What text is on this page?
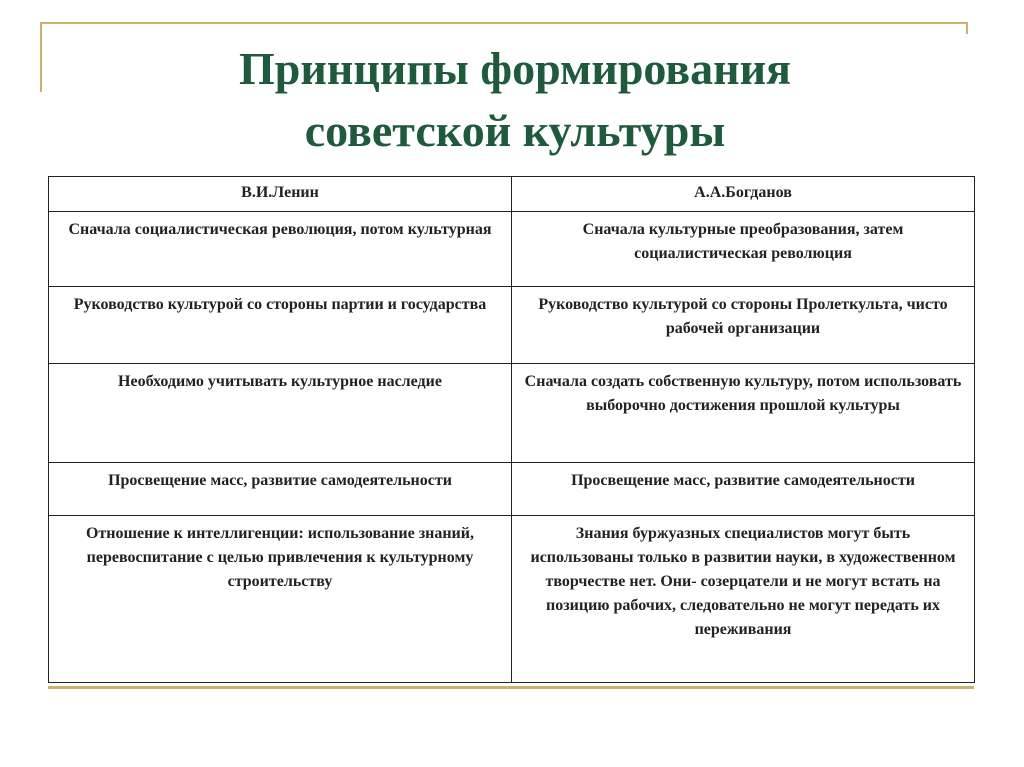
Принципы формирования
советской культуры
В.И.Ленин	А.А.Богданов
Сначала социалистическая революция, потом культурная	Сначала культурные преобразования, затем социалистическая революция
Руководство культурой со стороны партии и государства	Руководство культурой со стороны Пролеткульта, чисто рабочей организации
Необходимо учитывать культурное наследие	Сначала создать собственную культуру, потом использовать выборочно достижения прошлой культуры
Просвещение масс, развитие самодеятельности	Просвещение масс, развитие самодеятельности
Отношение к интеллигенции: использование знаний, перевоспитание с целью привлечения к культурному строительству	Знания буржуазных специалистов могут быть использованы только в развитии науки, в художественном творчестве нет. Они- созерцатели и не могут встать на позицию рабочих, следовательно не могут передать их переживания
